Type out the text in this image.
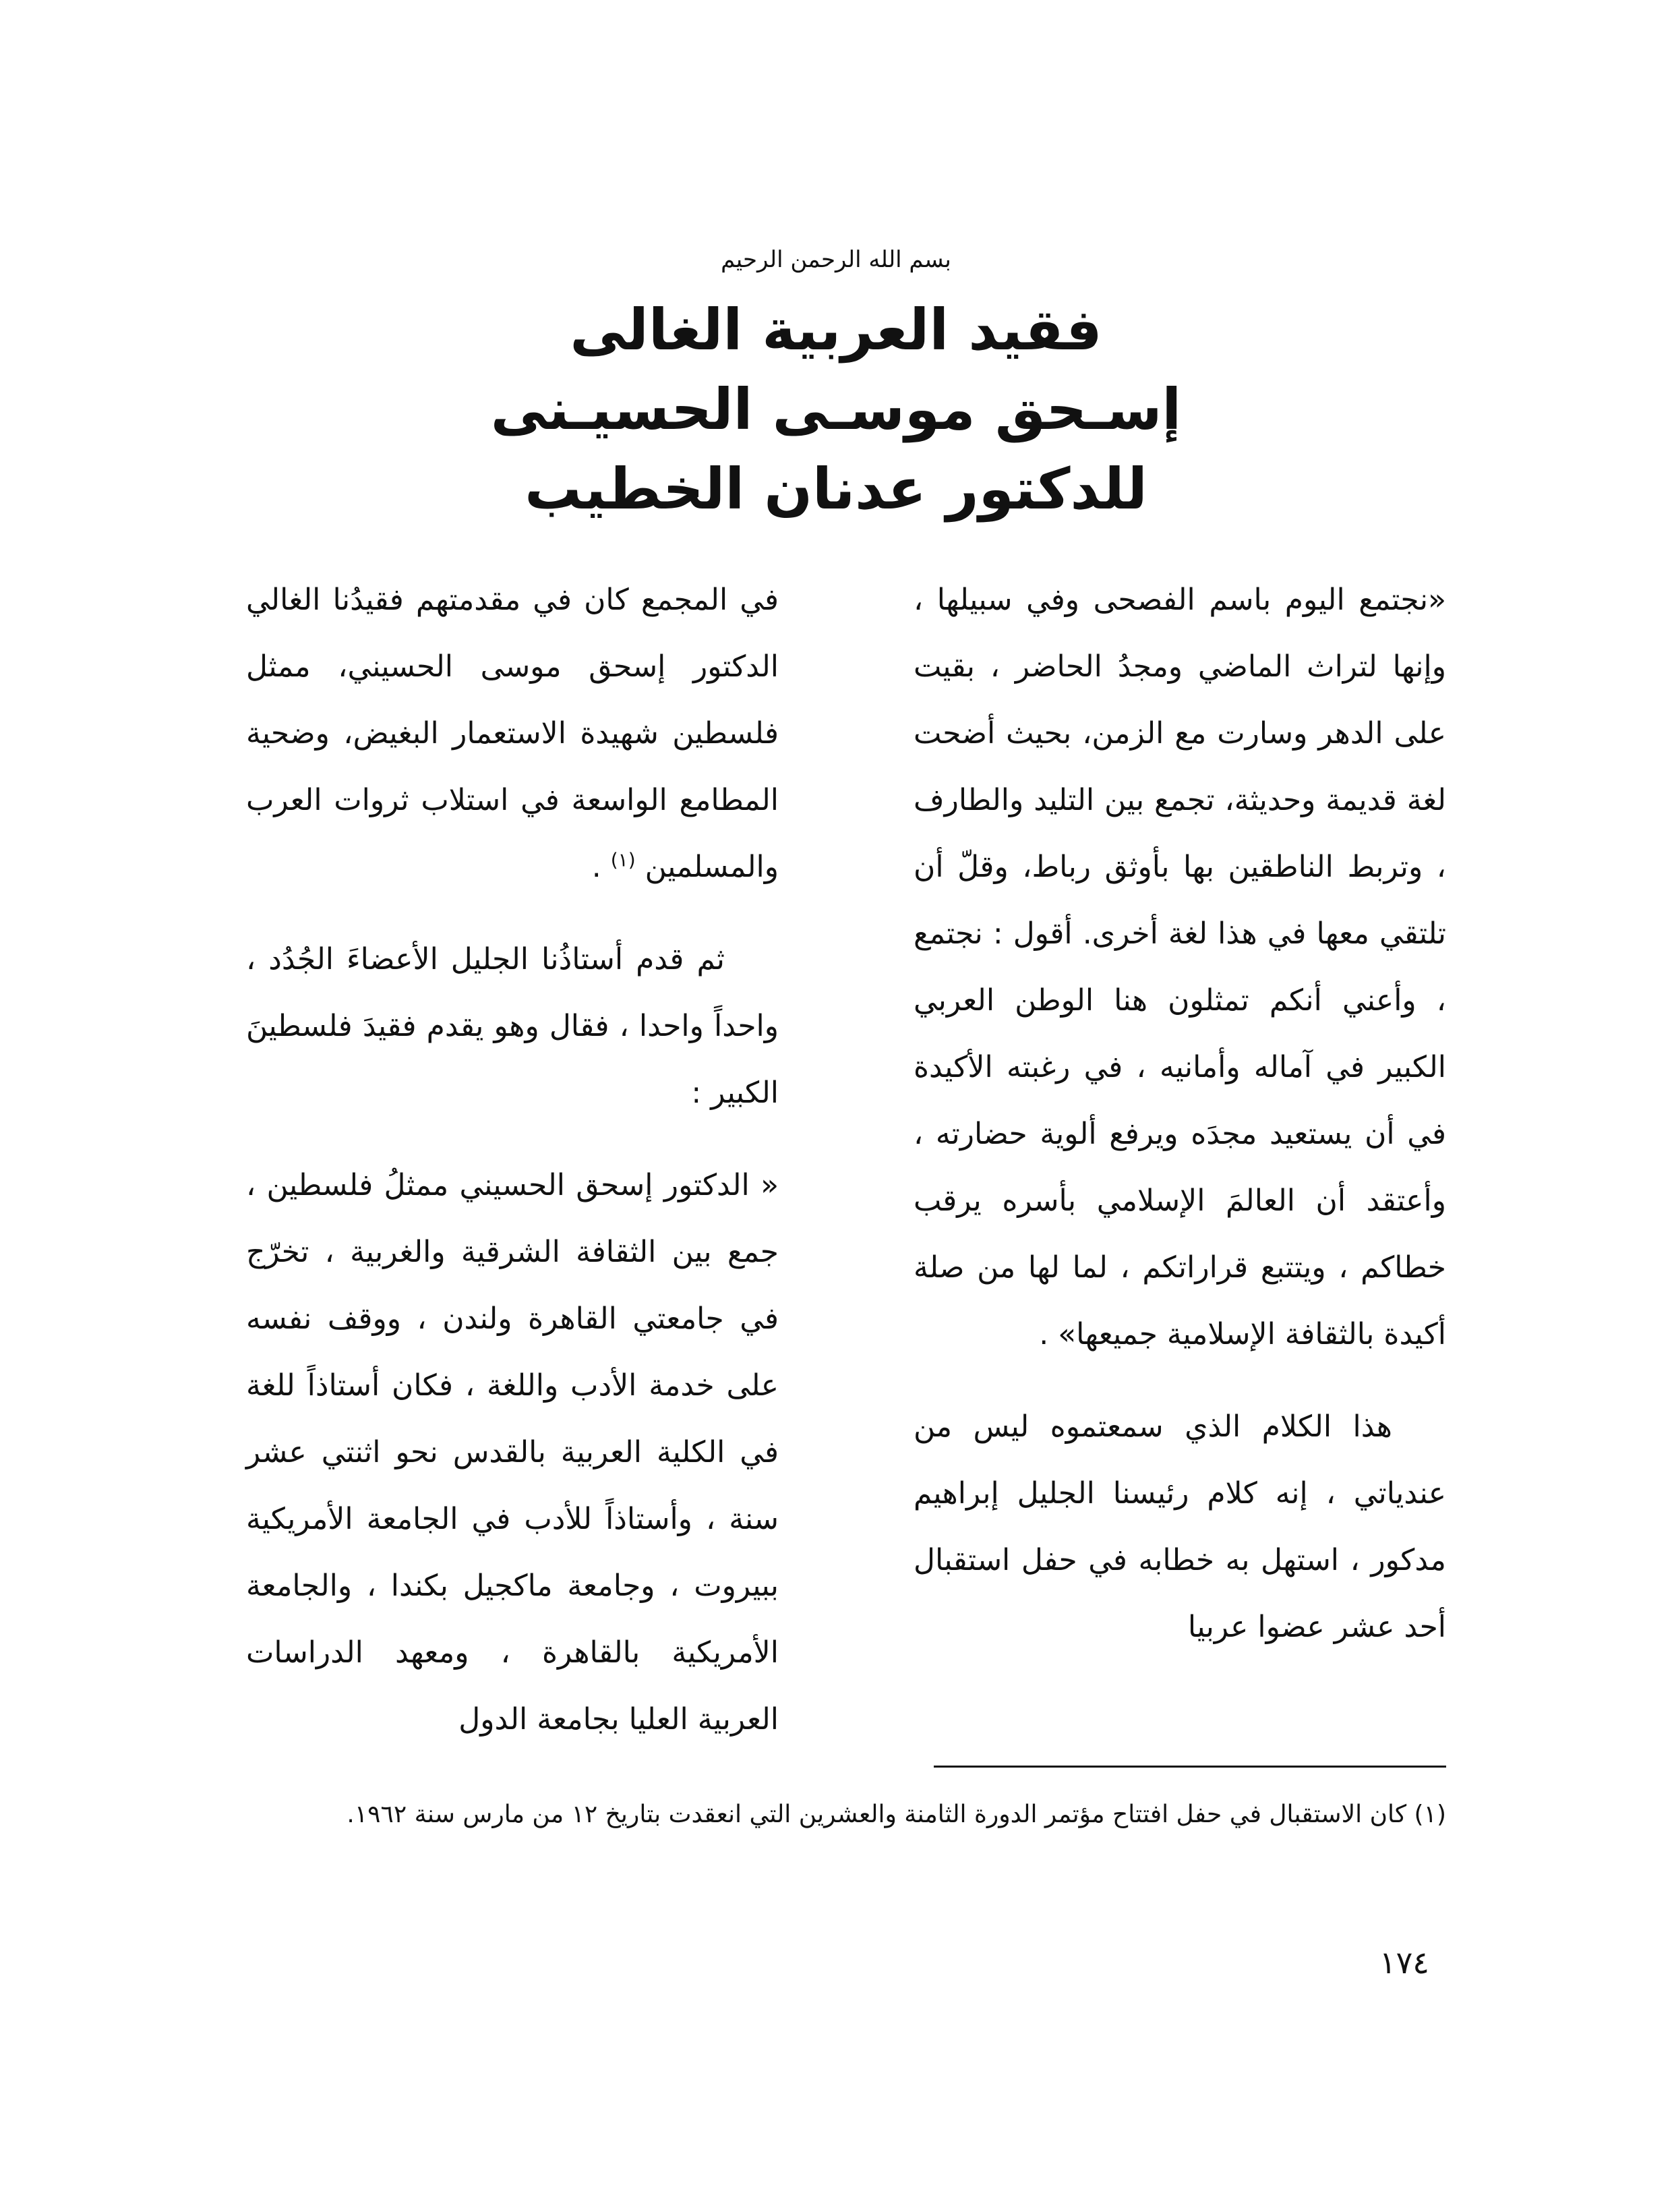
بسم الله الرحمن الرحيم

فقيد العربية الغالى

إسـحق موسـى الحسيـنى

للدكتور عدنان الخطيب

«نجتمع اليوم باسم الفصحى وفي سبيلها ، وإنها لتراث الماضي ومجدُ الحاضر ، بقيت على الدهر وسارت مع الزمن، بحيث أضحت لغة قديمة وحديثة، تجمع بين التليد والطارف ، وتربط الناطقين بها بأوثق رباط، وقلّ أن تلتقي معها في هذا لغة أخرى. أقول : نجتمع ، وأعني أنكم تمثلون هنا الوطن العربي الكبير في آماله وأمانيه ، في رغبته الأكيدة في أن يستعيد مجدَه ويرفع ألوية حضارته ، وأعتقد أن العالمَ الإسلامي بأسره يرقب خطاكم ، ويتتبع قراراتكم ، لما لها من صلة أكيدة بالثقافة الإسلامية جميعها» .

هذا الكلام الذي سمعتموه ليس من عندياتي ، إنه كلام رئيسنا الجليل إبراهيم مدكور ، استهل به خطابه في حفل استقبال أحد عشر عضوا عربيا

في المجمع كان في مقدمتهم فقيدُنا الغالي الدكتور إسحق موسى الحسيني، ممثل فلسطين شهيدة الاستعمار البغيض، وضحية المطامع الواسعة في استلاب ثروات العرب والمسلمين $^{(١)}$ .

ثم قدم أستاذُنا الجليل الأعضاءَ الجُدُد ، واحداً واحدا ، فقال وهو يقدم فقيدَ فلسطينَ الكبير :

« الدكتور إسحق الحسيني ممثلُ فلسطين ، جمع بين الثقافة الشرقية والغربية ، تخرّج في جامعتي القاهرة ولندن ، ووقف نفسه على خدمة الأدب واللغة ، فكان أستاذاً للغة في الكلية العربية بالقدس نحو اثنتي عشر سنة ، وأستاذاً للأدب في الجامعة الأمريكية ببيروت ، وجامعة ماكجيل بكندا ، والجامعة الأمريكية بالقاهرة ، ومعهد الدراسات العربية العليا بجامعة الدول

(١) كان الاستقبال في حفل افتتاح مؤتمر الدورة الثامنة والعشرين التي انعقدت بتاريخ ١٢ من مارس سنة ١٩٦٢.

١٧٤
